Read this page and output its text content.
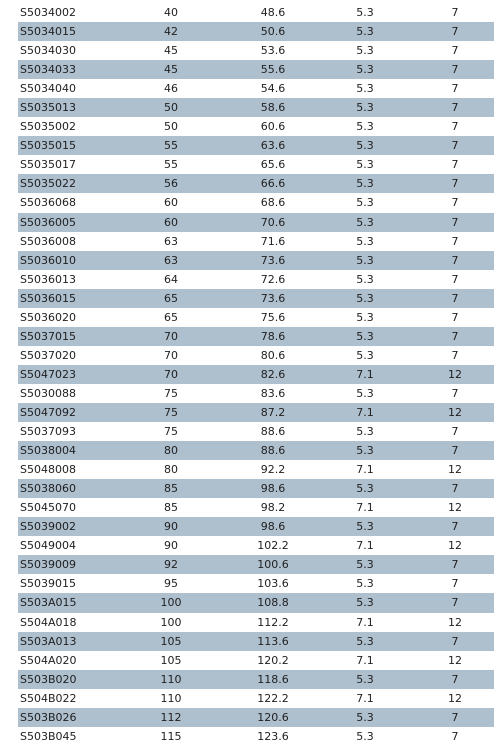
S5034002	40	48.6	5.3	7
S5034015	42	50.6	5.3	7
S5034030	45	53.6	5.3	7
S5034033	45	55.6	5.3	7
S5034040	46	54.6	5.3	7
S5035013	50	58.6	5.3	7
S5035002	50	60.6	5.3	7
S5035015	55	63.6	5.3	7
S5035017	55	65.6	5.3	7
S5035022	56	66.6	5.3	7
S5036068	60	68.6	5.3	7
S5036005	60	70.6	5.3	7
S5036008	63	71.6	5.3	7
S5036010	63	73.6	5.3	7
S5036013	64	72.6	5.3	7
S5036015	65	73.6	5.3	7
S5036020	65	75.6	5.3	7
S5037015	70	78.6	5.3	7
S5037020	70	80.6	5.3	7
S5047023	70	82.6	7.1	12
S5030088	75	83.6	5.3	7
S5047092	75	87.2	7.1	12
S5037093	75	88.6	5.3	7
S5038004	80	88.6	5.3	7
S5048008	80	92.2	7.1	12
S5038060	85	98.6	5.3	7
S5045070	85	98.2	7.1	12
S5039002	90	98.6	5.3	7
S5049004	90	102.2	7.1	12
S5039009	92	100.6	5.3	7
S5039015	95	103.6	5.3	7
S503A015	100	108.8	5.3	7
S504A018	100	112.2	7.1	12
S503A013	105	113.6	5.3	7
S504A020	105	120.2	7.1	12
S503B020	110	118.6	5.3	7
S504B022	110	122.2	7.1	12
S503B026	112	120.6	5.3	7
S503B045	115	123.6	5.3	7
